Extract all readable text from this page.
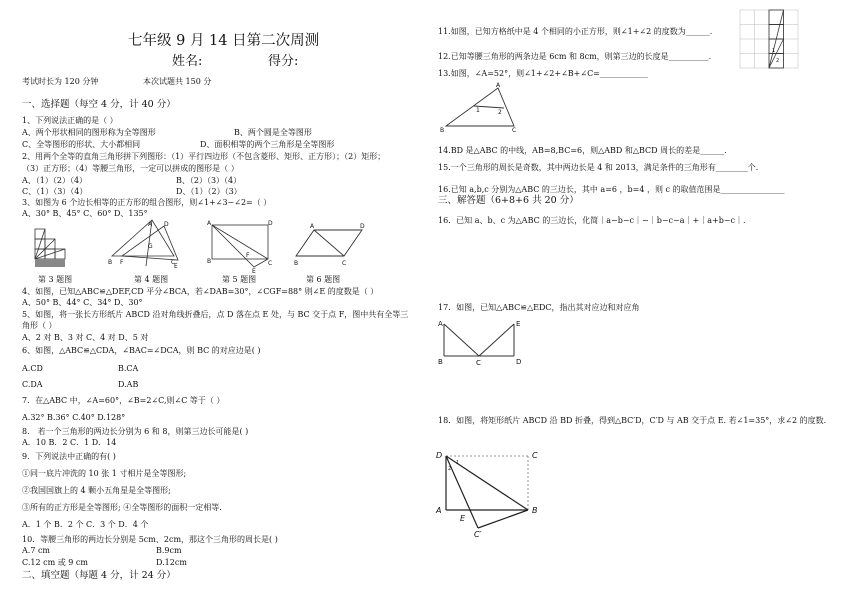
七年级 9 月 14 日第二次周测
姓名:	得分:
考试时长为 120 分钟	本次试题共 150 分
一、选择题（每空 4 分，计 40 分）
1、下列说法正确的是（ ）
A、两个形状相同的图形称为全等图形	B、两个圆是全等图形
C、全等图形的形状、大小都相同	D、面积相等的两个三角形是全等图形
2、用两个全等的直角三角形拼下列图形：（1）平行四边形（不包含菱形、矩形、正方形）；（2）矩形；
（3）正方形；（4）等腰三角形，一定可以拼成的图形是（ ）
A、（1）（2）（4）	B、（2）（3）（4）
C、（1）（3）（4）	D、（1）（2）（3）
3、如图为 6 个边长相等的正方形的组合图形，则∠1+∠3−∠2=（ ）
A、30° B、45° C、60° D、135°
A
B	C
D
E
F
G
A
B	C
D
E
F
A
B	C
D
第 3 题图	第 4 题图	第 5 题图	第 6 题图
4、如图，已知△ABC≌△DEF,CD 平分∠BCA，若∠DAB=30°，∠CGF=88° 则∠E 的度数是（ ）
A、50° B、44° C、34° D、30°
5、如图，将一张长方形纸片 ABCD 沿对角线折叠后，点 D 落在点 E 处，与 BC 交于点 F，图中共有全等三
角形（ ）
A、2 对 B、3 对 C、4 对 D、5 对
6、如图，△ABC≌△CDA，∠BAC=∠DCA，则 BC 的对应边是( )
A.CD	B.CA
C.DA	D.AB
7．在△ABC 中，∠A=60°，∠B=2∠C,则∠C 等于（ ）
A.32° B.36° C.40° D.128°
8． 若一个三角形的两边长分别为 6 和 8，则第三边长可能是( )
A．10 B．2 C．1 D．14
9．下列说法中正确的有( )
①同一底片冲洗的 10 张 1 寸相片是全等图形;
②我国国旗上的 4 颗小五角星是全等图形;
③所有的正方形是全等图形; ④全等图形的面积一定相等.
A．1 个 B．2 个 C．3 个 D．4 个
10．等腰三角形的两边长分别是 5cm、2cm，那这个三角形的周长是( )
A.7 cm	B.9cm
C.12 cm 或 9 cm	D.12cm
二、填空题（每题 4 分，计 24 分）
11.如图，已知方格纸中是 4 个相同的小正方形，则∠1+∠2 的度数为______.
1
2
12.已知等腰三角形的两条边是 6cm 和 8cm，则第三边的长度是__________.
13.如图，∠A=52°，则∠1+∠2+∠B+∠C=____________
A
B	C
1	2
14.BD 是△ABC 的中线，AB=8,BC=6，则△ABD 和△BCD 周长的差是______.
15.一个三角形的周长是奇数，其中两边长是 4 和 2013，满足条件的三角形有________个.
16.已知 a,b,c 分别为△ABC 的三边长，其中 a=6 ，b=4 ，则 c 的取值范围是________________
三、解答题（6+8+6 共 20 分）
16．已知 a、b、c 为△ABC 的三边长，化简｜a−b−c｜−｜b−c−a｜+｜a+b−c｜.
17．如图，已知△ABC≌△EDC，指出其对应边和对应角
A
B	C	D
E
18．如图，将矩形纸片 ABCD 沿 BD 折叠，得到△BC′D，C′D 与 AB 交于点 E. 若∠1=35°，求∠2 的度数.
D	C
A	B
E
C′
1
2
